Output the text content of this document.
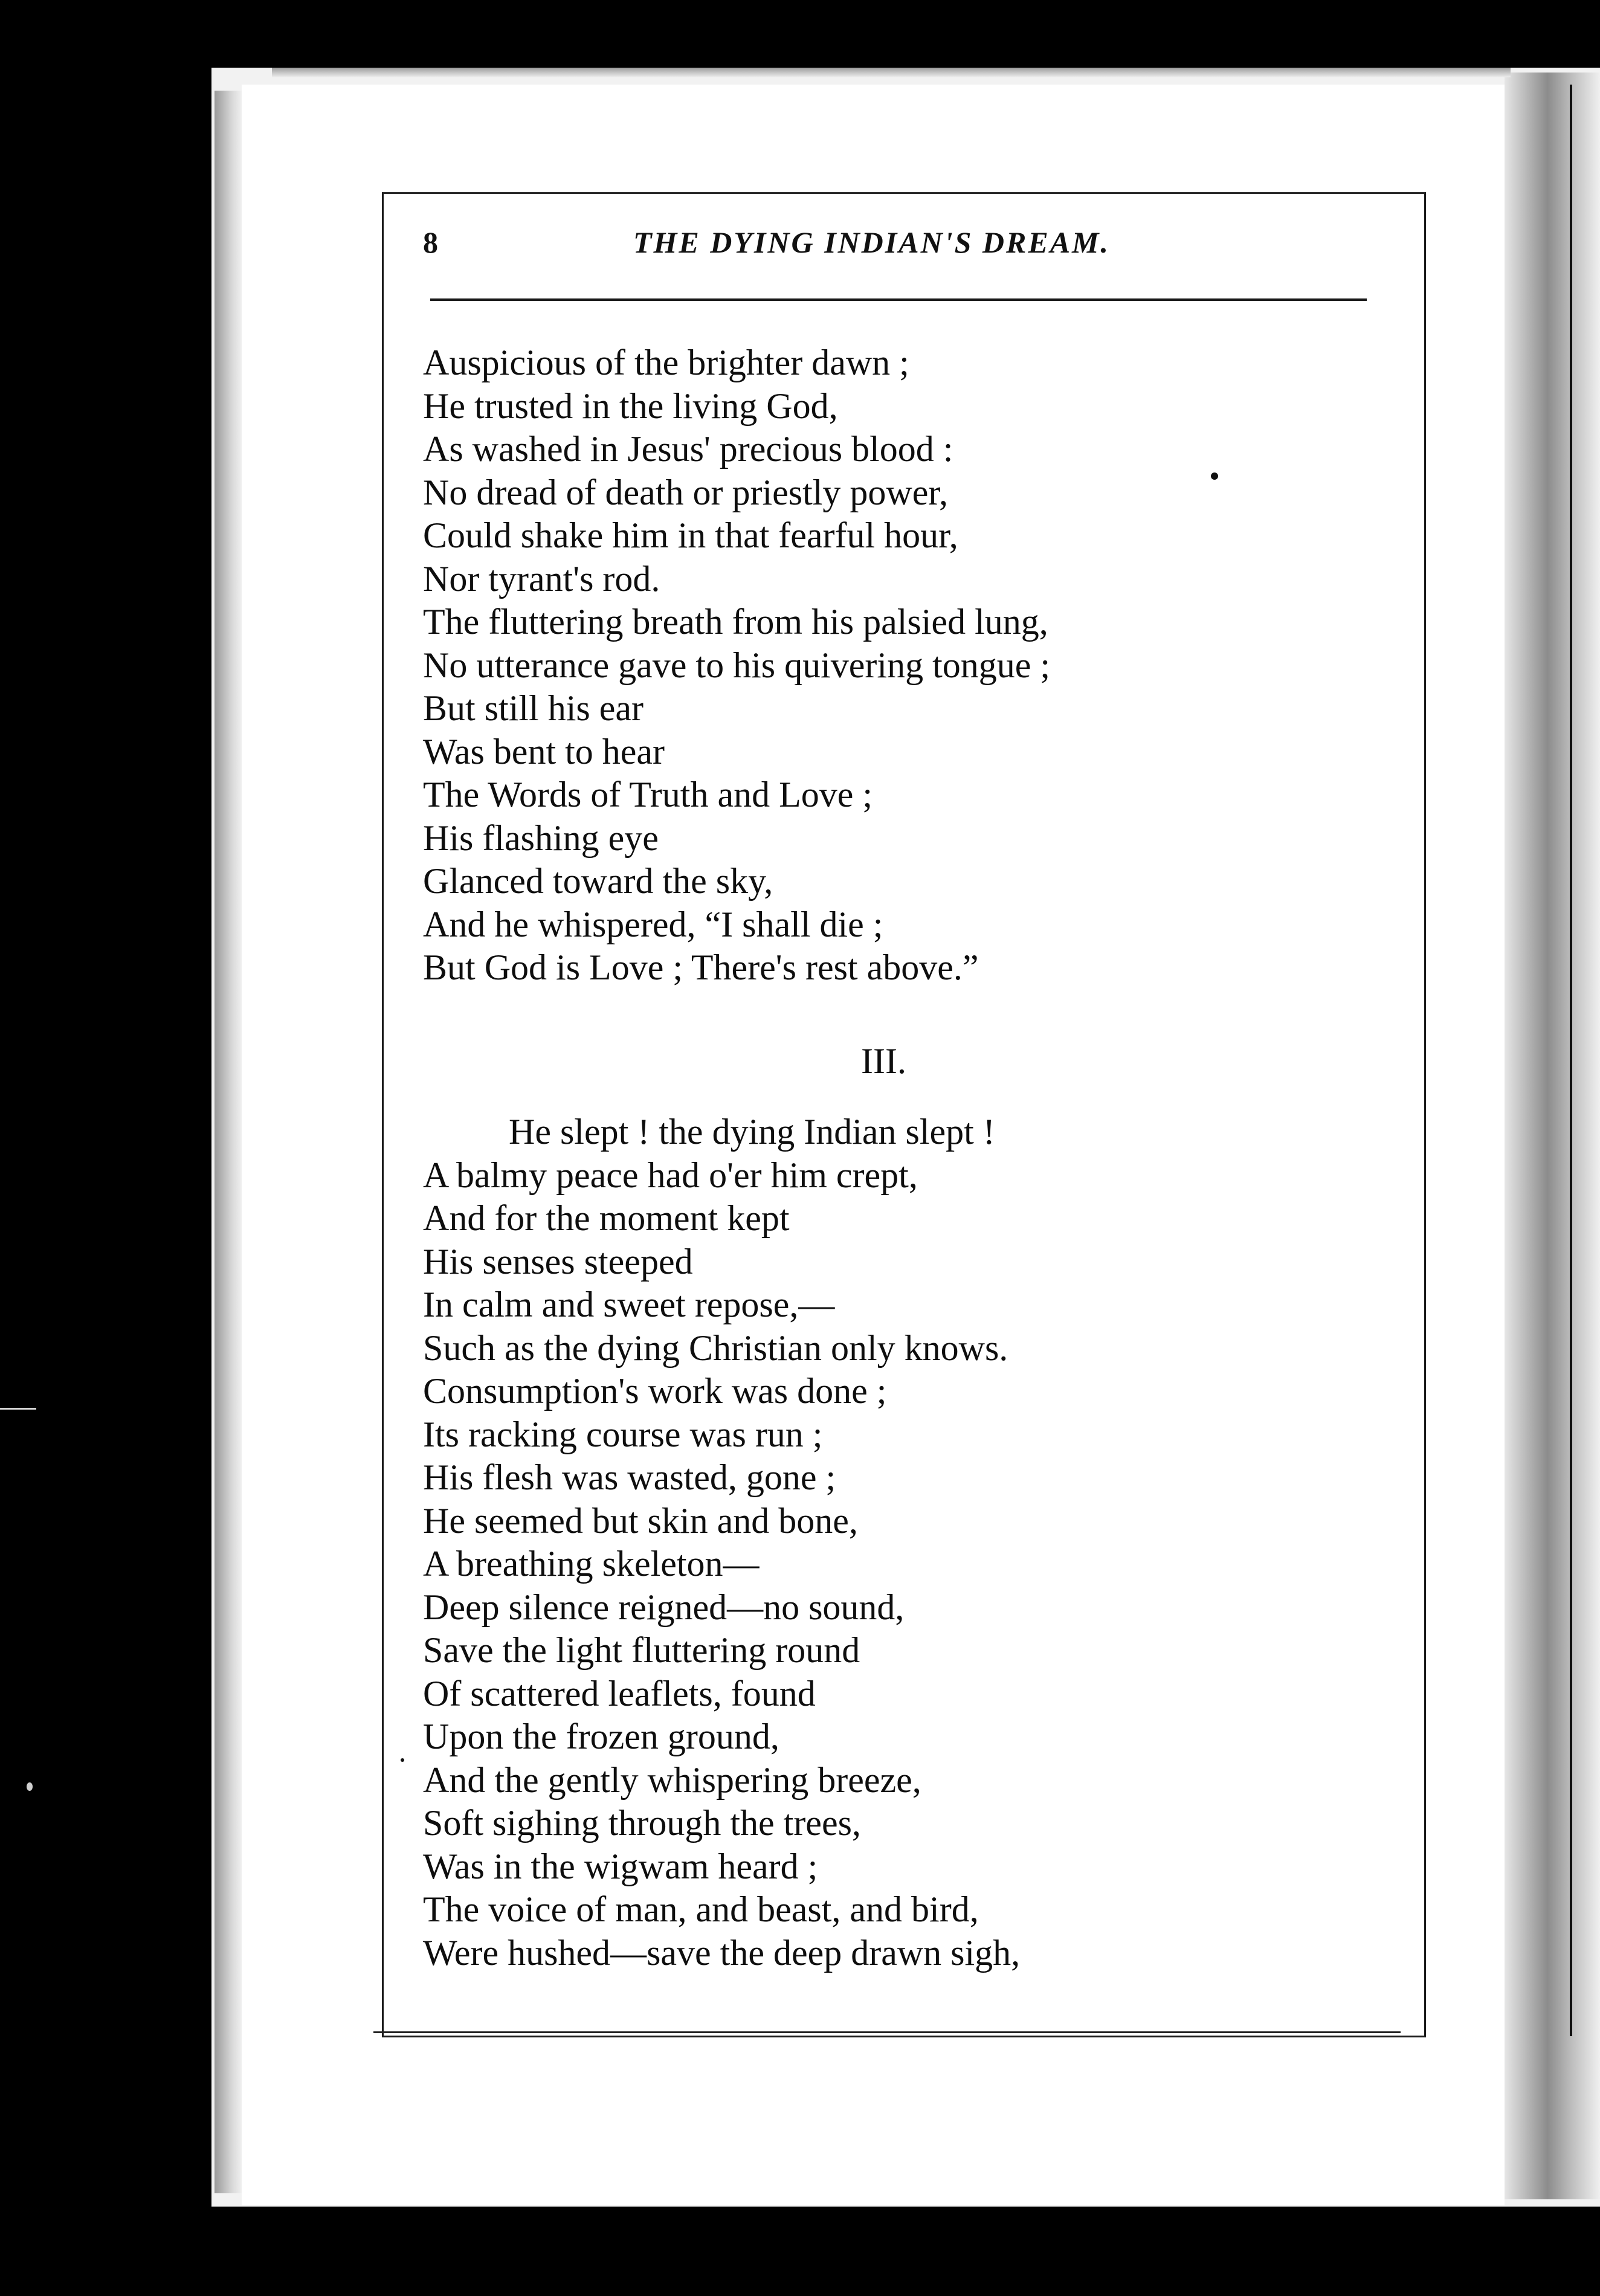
8	THE DYING INDIAN'S DREAM.
Auspicious of the brighter dawn ;
He trusted in the living God,
As washed in Jesus' precious blood :
No dread of death or priestly power,
Could shake him in that fearful hour,
Nor tyrant's rod.
The fluttering breath from his palsied lung,
No utterance gave to his quivering tongue ;
But still his ear
Was bent to hear
The Words of Truth and Love ;
His flashing eye
Glanced toward the sky,
And he whispered, “I shall die ;
But God is Love ; There's rest above.”
III.
He slept ! the dying Indian slept !
A balmy peace had o'er him crept,
And for the moment kept
His senses steeped
In calm and sweet repose,—
Such as the dying Christian only knows.
Consumption's work was done ;
Its racking course was run ;
His flesh was wasted, gone ;
He seemed but skin and bone,
A breathing skeleton—
Deep silence reigned—no sound,
Save the light fluttering round
Of scattered leaflets, found
Upon the frozen ground,
And the gently whispering breeze,
Soft sighing through the trees,
Was in the wigwam heard ;
The voice of man, and beast, and bird,
Were hushed—save the deep drawn sigh,
